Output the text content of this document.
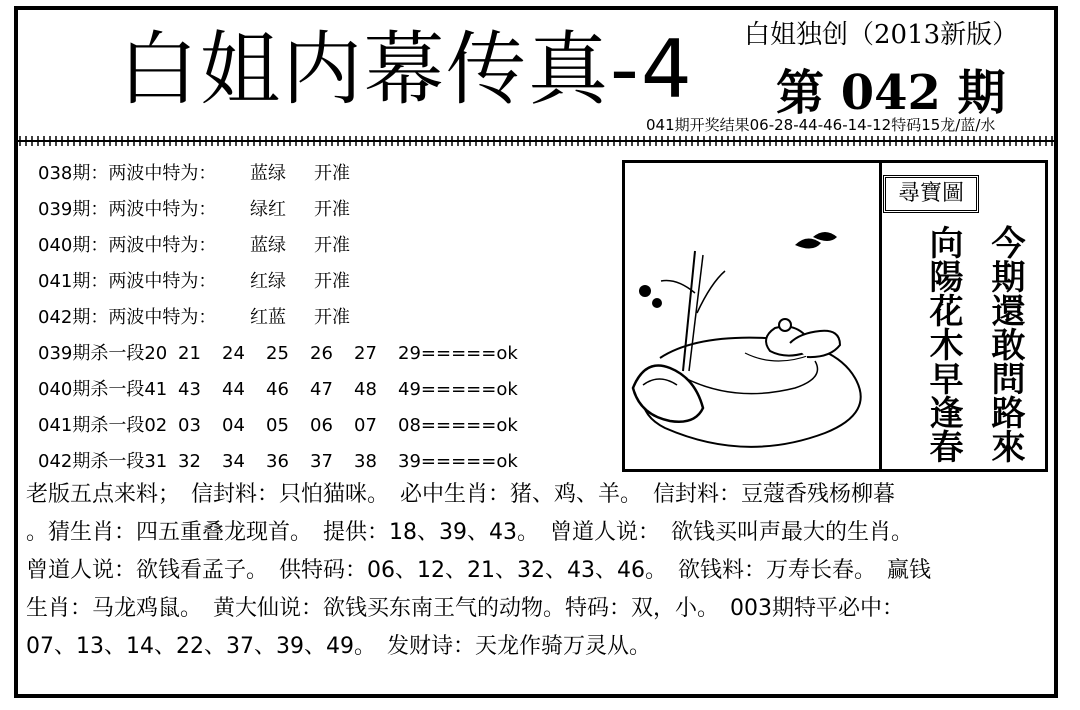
白姐内幕传真-4 白姐独创（2013新版）
第 042 期
041期开奖结果06-28-44-46-14-12特码15龙/蓝/水
038期：两波中特为： 蓝绿 开准
039期：两波中特为： 绿红 开准
040期：两波中特为： 蓝绿 开准
041期：两波中特为： 红绿 开准
042期：两波中特为： 红蓝 开准
039期杀一段20 21 24 25 26 27 29=====ok
040期杀一段41 43 44 46 47 48 49=====ok
041期杀一段02 03 04 05 06 07 08=====ok
042期杀一段31 32 34 36 37 38 39=====ok
尋寶圖
今期還敢問路來
向陽花木早逢春
老版五点来料；　信封料：只怕猫咪。　必中生肖：猪、鸡、羊。　信封料：豆蔻香残杨柳暮
。猜生肖：四五重叠龙现首。　提供：18、39、43。　曾道人说：　欲钱买叫声最大的生肖。
曾道人说：欲钱看孟子。　供特码：06、12、21、32、43、46。　欲钱料：万寿长春。　赢钱
生肖：马龙鸡鼠。　黄大仙说：欲钱买东南王气的动物。特码：双，小。　003期特平必中：
07、13、14、22、37、39、49。　发财诗：天龙作骑万灵从。
